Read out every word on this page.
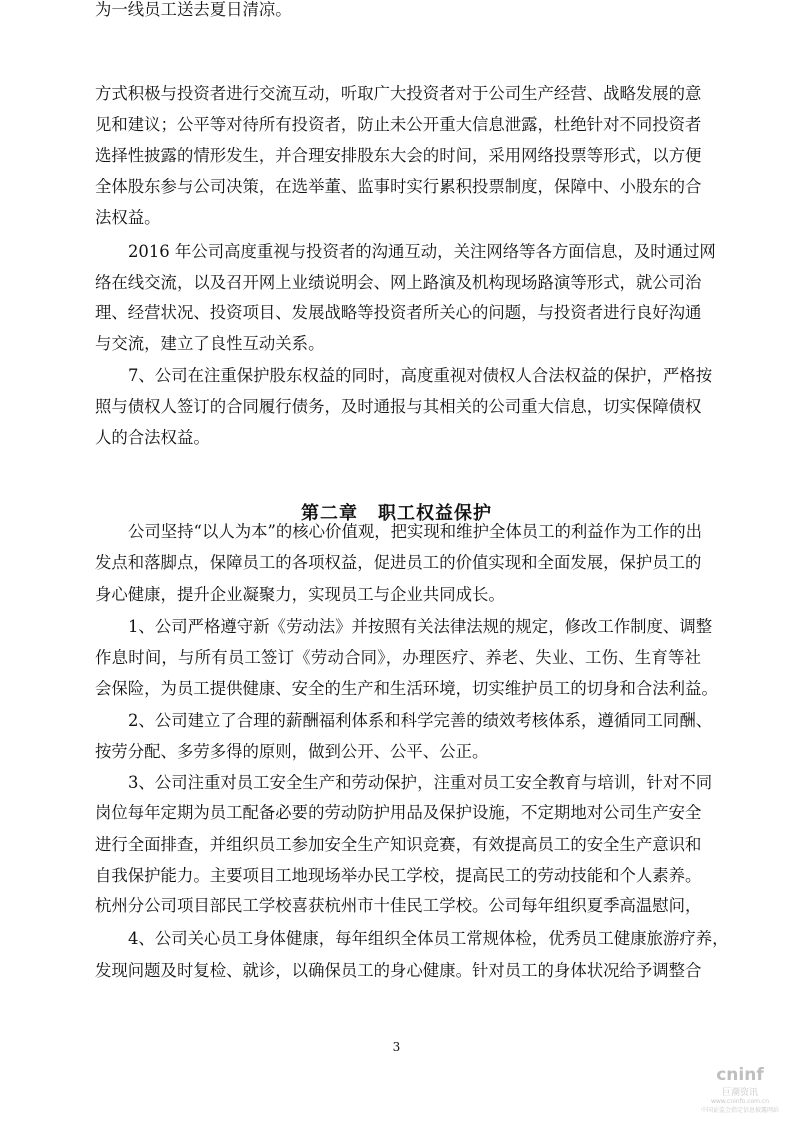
方式积极与投资者进行交流互动，听取广大投资者对于公司生产经营、战略发展的意
见和建议；公平等对待所有投资者，防止未公开重大信息泄露，杜绝针对不同投资者
选择性披露的情形发生，并合理安排股东大会的时间，采用网络投票等形式，以方便
全体股东参与公司决策，在选举董、监事时实行累积投票制度，保障中、小股东的合
法权益。
2016 年公司高度重视与投资者的沟通互动，关注网络等各方面信息，及时通过网
络在线交流，以及召开网上业绩说明会、网上路演及机构现场路演等形式，就公司治
理、经营状况、投资项目、发展战略等投资者所关心的问题，与投资者进行良好沟通
与交流，建立了良性互动关系。
7、公司在注重保护股东权益的同时，高度重视对债权人合法权益的保护，严格按
照与债权人签订的合同履行债务，及时通报与其相关的公司重大信息，切实保障债权
人的合法权益。
公司坚持“以人为本”的核心价值观，把实现和维护全体员工的利益作为工作的出
发点和落脚点，保障员工的各项权益，促进员工的价值实现和全面发展，保护员工的
身心健康，提升企业凝聚力，实现员工与企业共同成长。
1、公司严格遵守新《劳动法》并按照有关法律法规的规定，修改工作制度、调整
作息时间，与所有员工签订《劳动合同》，办理医疗、养老、失业、工伤、生育等社
会保险，为员工提供健康、安全的生产和生活环境，切实维护员工的切身和合法利益。
2、公司建立了合理的薪酬福利体系和科学完善的绩效考核体系，遵循同工同酬、
按劳分配、多劳多得的原则，做到公开、公平、公正。
3、公司注重对员工安全生产和劳动保护，注重对员工安全教育与培训，针对不同
岗位每年定期为员工配备必要的劳动防护用品及保护设施，不定期地对公司生产安全
进行全面排查，并组织员工参加安全生产知识竞赛，有效提高员工的安全生产意识和
自我保护能力。主要项目工地现场举办民工学校，提高民工的劳动技能和个人素养。
杭州分公司项目部民工学校喜获杭州市十佳民工学校。公司每年组织夏季高温慰问，
为一线员工送去夏日清凉。
4、公司关心员工身体健康，每年组织全体员工常规体检，优秀员工健康旅游疗养，
发现问题及时复检、就诊，以确保员工的身心健康。针对员工的身体状况给予调整合
第二章 职工权益保护
3
cninf
巨潮资讯
www.cninfo.com.cn
中国证监会指定信息披露网站
